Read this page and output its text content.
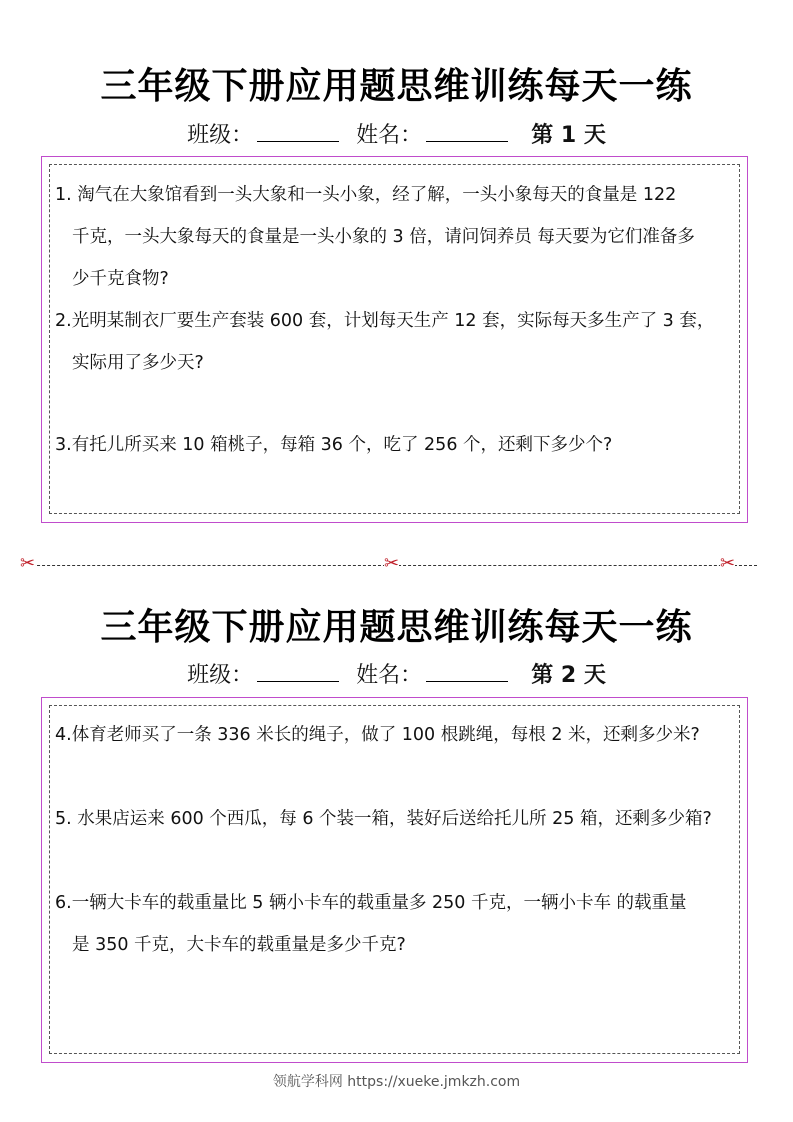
三年级下册应用题思维训练每天一练
班级：	姓名：	第 1 天
1. 淘气在大象馆看到一头大象和一头小象，经了解，一头小象每天的食量是 122
千克，一头大象每天的食量是一头小象的 3 倍，请问饲养员 每天要为它们准备多
少千克食物?
2.光明某制衣厂要生产套装 600 套，计划每天生产 12 套，实际每天多生产了 3 套，
实际用了多少天?
3.有托儿所买来 10 箱桃子，每箱 36 个，吃了 256 个，还剩下多少个?
✂	✂	✂
三年级下册应用题思维训练每天一练
班级：	姓名：	第 2 天
4.体育老师买了一条 336 米长的绳子，做了 100 根跳绳，每根 2 米，还剩多少米?
5. 水果店运来 600 个西瓜，每 6 个装一箱，装好后送给托儿所 25 箱，还剩多少箱?
6.一辆大卡车的载重量比 5 辆小卡车的载重量多 250 千克，一辆小卡车 的载重量
是 350 千克，大卡车的载重量是多少千克?
领航学科网 https://xueke.jmkzh.com
